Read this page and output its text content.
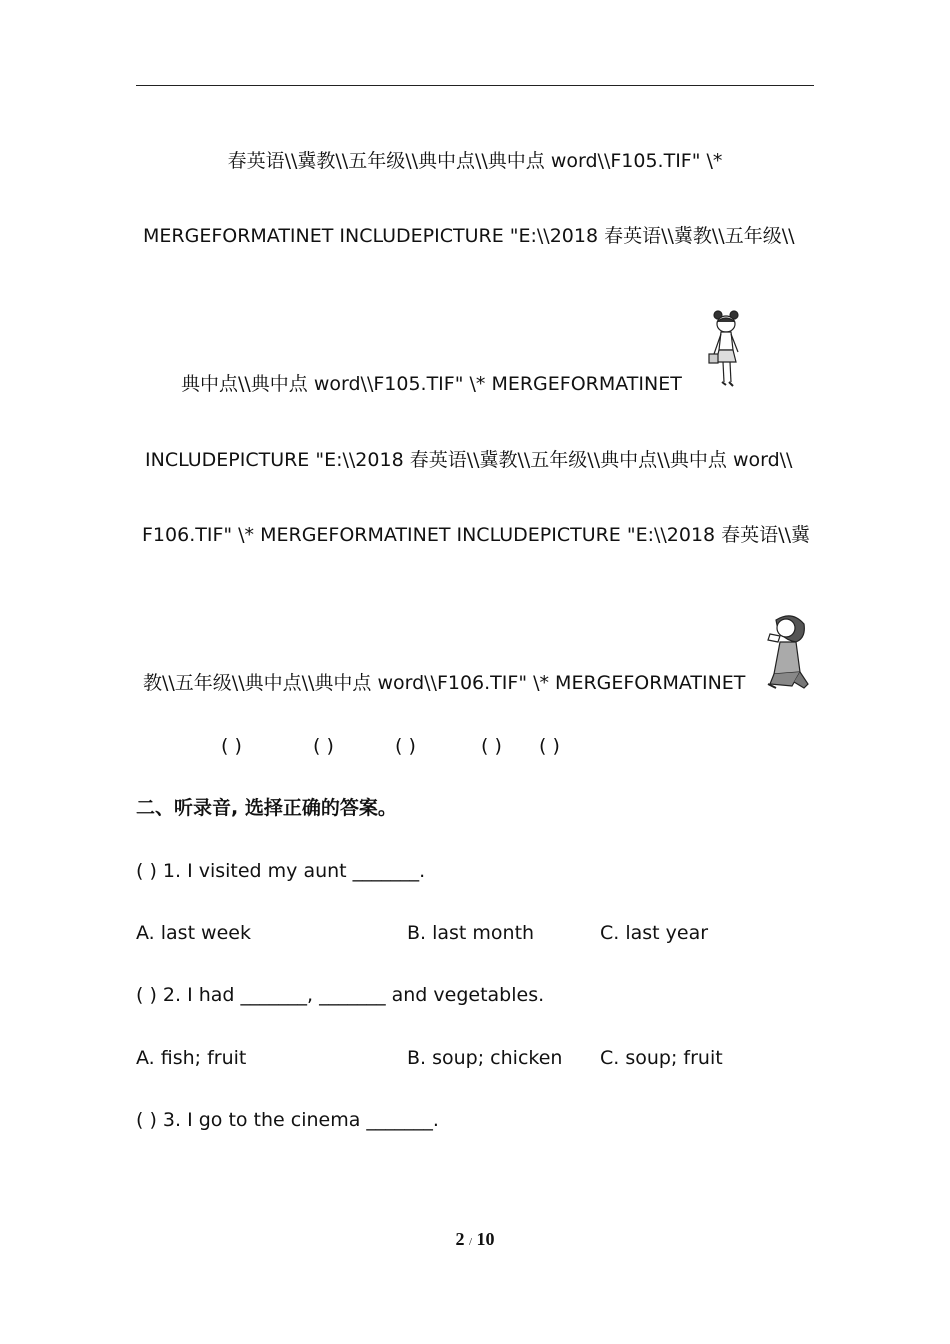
春英语\\冀教\\五年级\\典中点\\典中点 word\\F105.TIF" \*
MERGEFORMATINET INCLUDEPICTURE "E:\\2018 春英语\\冀教\\五年级\\
典中点\\典中点 word\\F105.TIF" \* MERGEFORMATINET
INCLUDEPICTURE "E:\\2018 春英语\\冀教\\五年级\\典中点\\典中点 word\\
F106.TIF" \* MERGEFORMATINET INCLUDEPICTURE "E:\\2018 春英语\\冀
教\\五年级\\典中点\\典中点 word\\F106.TIF" \* MERGEFORMATINET
( )	( )	( )	( ) ( )
二、听录音, 选择正确的答案。
( ) 1. I visited my aunt _______.
A. last week	B. last month	C. last year
( ) 2. I had _______, _______ and vegetables.
A. fish; fruit	B. soup; chicken C. soup; fruit
( ) 3. I go to the cinema _______.
2 / 10
